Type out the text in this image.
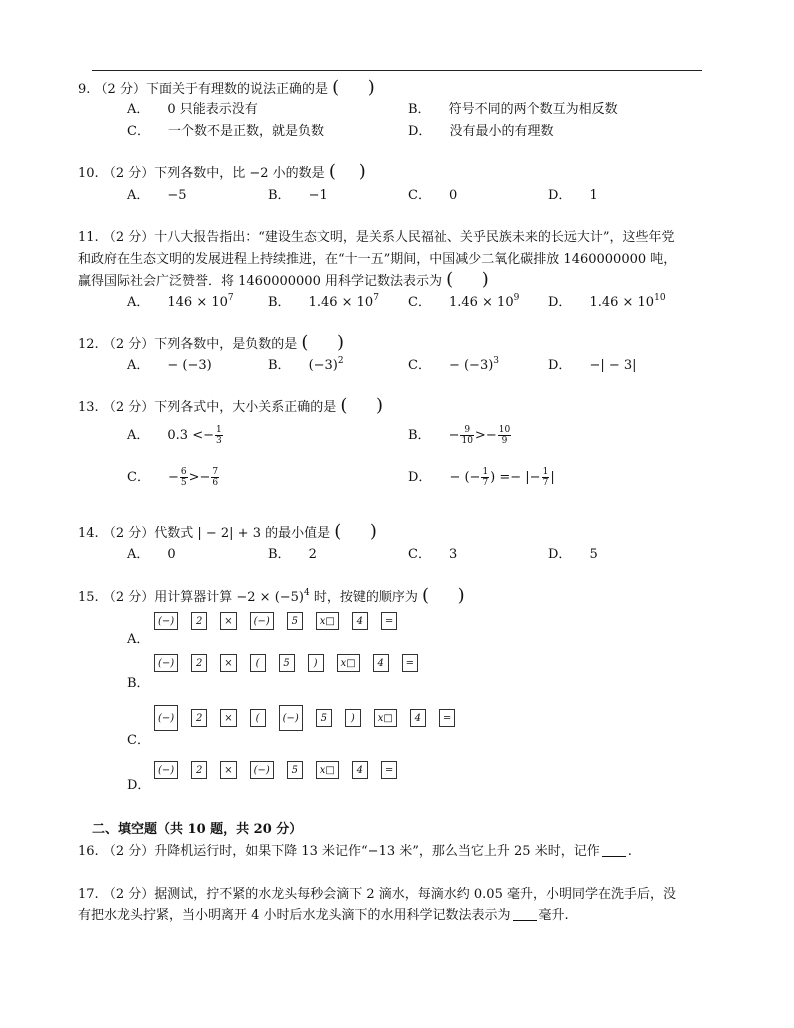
9. （2 分）下面关于有理数的说法正确的是 (     )
A． 0 只能表示没有	B． 符号不同的两个数互为相反数
C． 一个数不是正数，就是负数	D． 没有最小的有理数
10. （2 分）下列各数中，比 −2 小的数是 (    )
A． −5	B． −1	C． 0	D． 1
11. （2 分）十八大报告指出：“建设生态文明，是关系人民福祉、关乎民族未来的长远大计”，这些年党
和政府在生态文明的发展进程上持续推进，在“十一五”期间，中国减少二氧化碳排放 1460000000 吨，
赢得国际社会广泛赞誉．将 1460000000 用科学记数法表示为 (     )
A． $146 \times 10^7$	B． $1.46 \times 10^7$ C． $1.46 \times 10^9$ D． $1.46 \times 10^{10}$
12. （2 分）下列各数中，是负数的是 (     )
A． − (−3)	B． $(-3)^2$	C． − $(-3)^3$	D． −| − 3|
13. （2 分）下列各式中，大小关系正确的是 (     )
A． $0.3 <- \frac{1}{3}$	B． − $\frac{9}{10} >- \frac{10}{9}$
C． − $\frac{6}{5} >- \frac{7}{6}$	D． − (− $\frac{1}{7}$ ) =− |− $\frac{1}{7}$ |
14. （2 分）代数式 | − 2| + 3 的最小值是 (     )
A． 0	B． 2	C． 3	D． 5
15. （2 分）用计算器计算 $-2 \times (-5)^4$ 时，按键的顺序为 (     )
A．
(−)	2	×	(−)	5	x□	4	=
B．
(−)	2	×	(	5	)	x□	4	=
C．
(−)	2	×	(	(−)	5	)	x□	4	=
D．
(−)	2	×	(−)	5	x□	4	=
二、填空题（共 10 题，共 20 分）
16. （2 分）升降机运行时，如果下降 13 米记作“−13 米”，那么当它上升 25 米时，记作 .
17. （2 分）据测试，拧不紧的水龙头每秒会滴下 2 滴水，每滴水约 0.05 毫升，小明同学在洗手后，没
有把水龙头拧紧，当小明离开 4 小时后水龙头滴下的水用科学记数法表示为 毫升.
